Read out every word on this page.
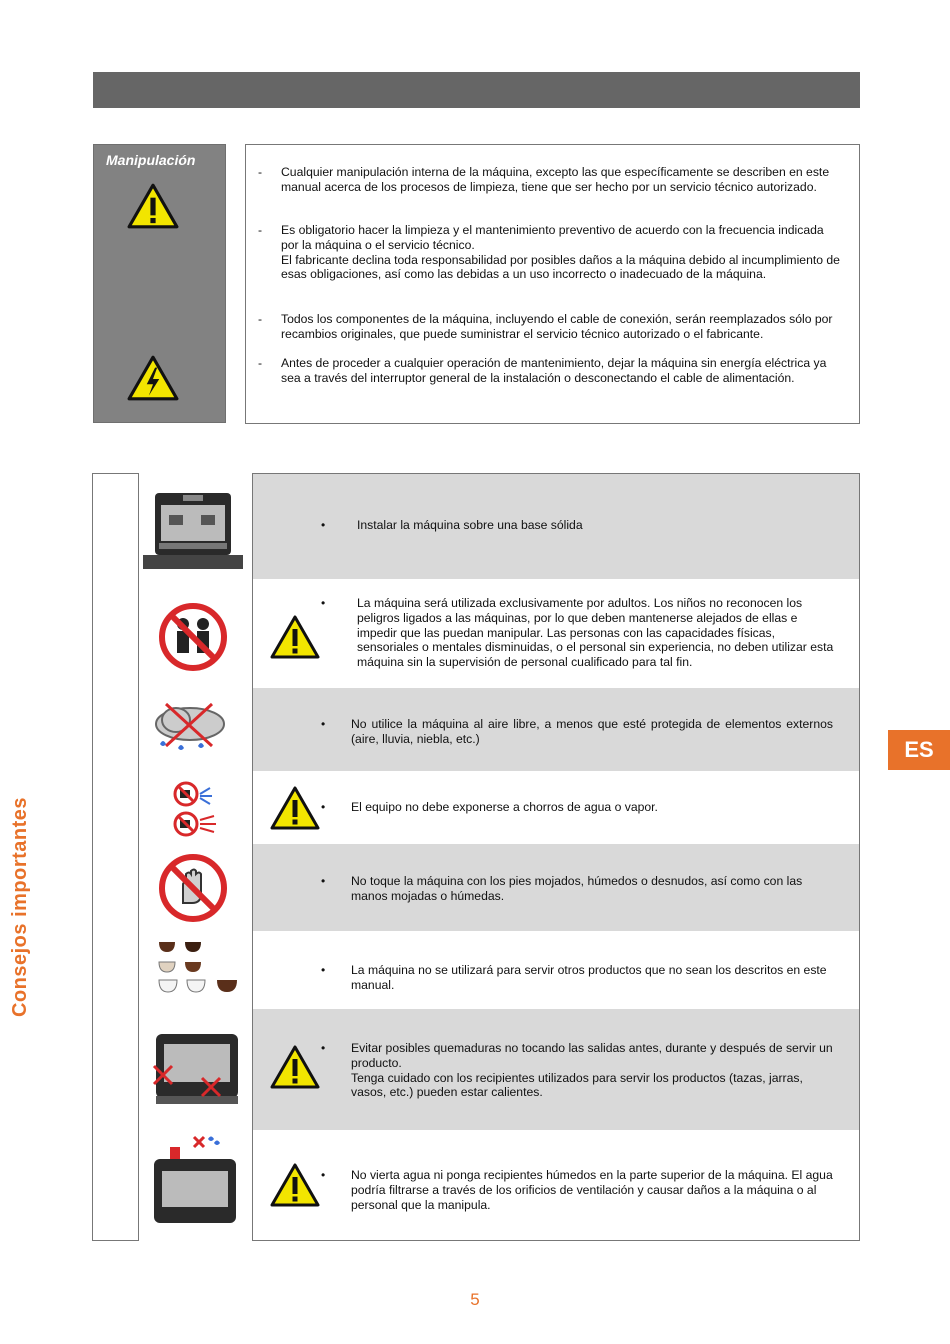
Manipulación
- Cualquier manipulación interna de la máquina, excepto las que específicamente se describen en este manual acerca de los procesos de limpieza, tiene que ser hecho por un servicio técnico autorizado.
- Es obligatorio hacer la limpieza y el mantenimiento preventivo de acuerdo con la frecuencia indicada por la máquina o el servicio técnico.
El fabricante declina toda responsabilidad por posibles daños a la máquina debido al incumplimiento de esas obligaciones, así como las debidas a un uso incorrecto o inadecuado de la máquina.
- Todos los componentes de la máquina, incluyendo el cable de conexión, serán reemplazados sólo por recambios originales, que puede suministrar el servicio técnico autorizado o el fabricante.
- Antes de proceder a cualquier operación de mantenimiento, dejar la máquina sin energía eléctrica ya sea a través del interruptor general de la instalación o desconectando el cable de alimentación.
Consejos importantes
•	Instalar la máquina sobre una base sólida
•	La máquina será utilizada exclusivamente por adultos. Los niños no reconocen los peligros ligados a las máquinas, por lo que deben mantenerse alejados de ellas e impedir que las puedan manipular. Las personas con las capacidades físicas, sensoriales o mentales disminuidas, o el personal sin experiencia, no deben utilizar esta máquina sin la supervisión de personal cualificado para tal fin.
• No utilice la máquina al aire libre, a menos que esté protegida de elementos externos (aire, lluvia, niebla, etc.)
• El equipo no debe exponerse a chorros de agua o vapor.
• No toque la máquina con los pies mojados, húmedos o desnudos, así como con las manos mojadas o húmedas.
• La máquina no se utilizará para servir otros productos que no sean los descritos en este manual.
• Evitar posibles quemaduras no tocando las salidas antes, durante y después de servir un producto.
Tenga cuidado con los recipientes utilizados para servir los productos (tazas, jarras, vasos, etc.) pueden estar calientes.
• No vierta agua ni ponga recipientes húmedos en la parte superior de la máquina. El agua podría filtrarse a través de los orificios de ventilación y causar daños a la máquina o al personal que la manipula.
ES
5
